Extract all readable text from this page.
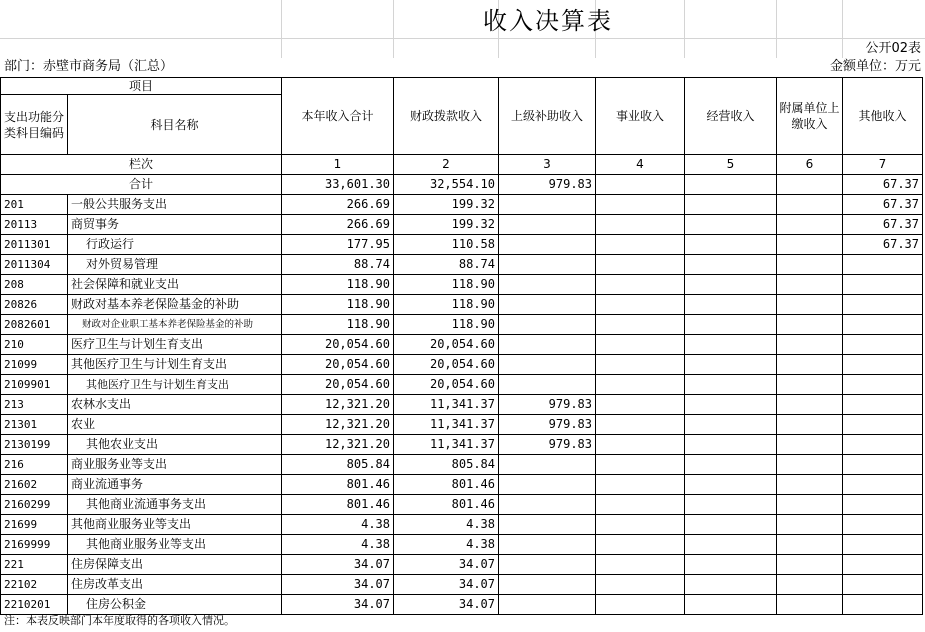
收入决算表
公开02表
部门：赤壁市商务局（汇总）	金额单位：万元
项目		本年收入合计	财政拨款收入	上级补助收入	事业收入	经营收入	附属单位上缴收入	其他收入
支出功能分类科目编码	科目名称							
栏次		1	2	3	4	5	6	7
合计		33,601.30	32,554.10	979.83				67.37
201	一般公共服务支出	266.69	199.32					67.37
20113	商贸事务	266.69	199.32					67.37
2011301	行政运行	177.95	110.58					67.37
2011304	对外贸易管理	88.74	88.74					
208	社会保障和就业支出	118.90	118.90					
20826	财政对基本养老保险基金的补助	118.90	118.90					
2082601	财政对企业职工基本养老保险基金的补助	118.90	118.90					
210	医疗卫生与计划生育支出	20,054.60	20,054.60					
21099	其他医疗卫生与计划生育支出	20,054.60	20,054.60					
2109901	其他医疗卫生与计划生育支出	20,054.60	20,054.60					
213	农林水支出	12,321.20	11,341.37	979.83				
21301	农业	12,321.20	11,341.37	979.83				
2130199	其他农业支出	12,321.20	11,341.37	979.83				
216	商业服务业等支出	805.84	805.84					
21602	商业流通事务	801.46	801.46					
2160299	其他商业流通事务支出	801.46	801.46					
21699	其他商业服务业等支出	4.38	4.38					
2169999	其他商业服务业等支出	4.38	4.38					
221	住房保障支出	34.07	34.07					
22102	住房改革支出	34.07	34.07					
2210201	住房公积金	34.07	34.07					
注：本表反映部门本年度取得的各项收入情况。
